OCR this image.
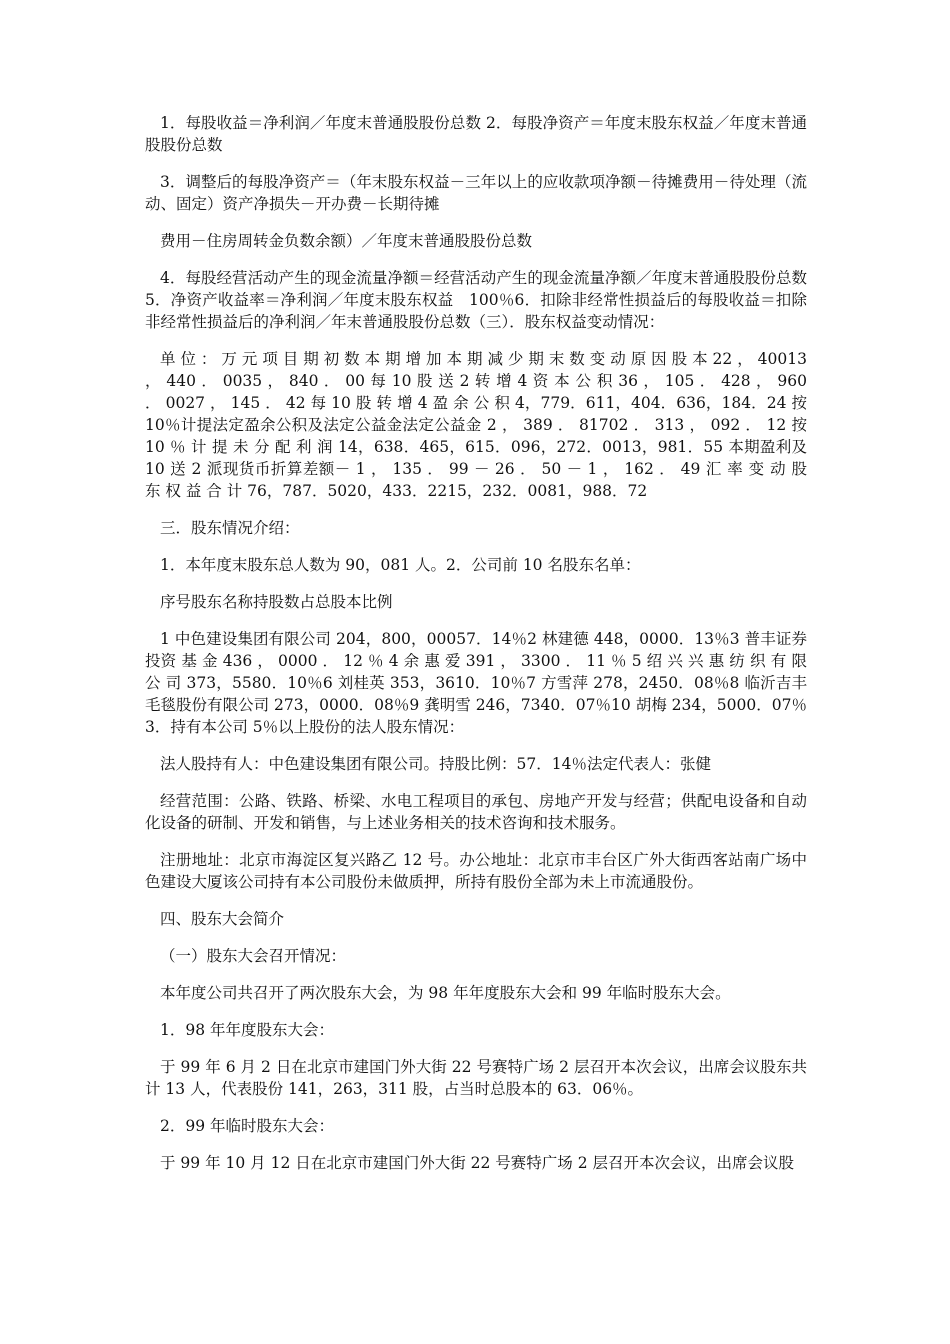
1．每股收益＝净利润／年度末普通股股份总数 2．每股净资产＝年度末股东权益／年度末普通股股份总数

3．调整后的每股净资产＝（年末股东权益－三年以上的应收款项净额－待摊费用－待处理（流动、固定）资产净损失－开办费－长期待摊

费用－住房周转金负数余额）／年度末普通股股份总数

4．每股经营活动产生的现金流量净额＝经营活动产生的现金流量净额／年度末普通股股份总数 5．净资产收益率＝净利润／年度末股东权益　100％6．扣除非经常性损益后的每股收益＝扣除非经常性损益后的净利润／年末普通股股份总数（三）．股东权益变动情况：

单 位 ： 万 元 项 目 期 初 数 本 期 增 加 本 期 减 少 期 末 数 变 动 原 因 股 本 22 ， 40013 ， 440 ． 0035 ， 840 ． 00 每 10 股 送 2 转 增 4 资 本 公 积 36 ， 105 ． 428 ， 960 ． 0027 ， 145 ． 42 每 10 股 转 增 4 盈 余 公 积 4，779．611，404．636，184．24 按 10％计提法定盈余公积及法定公益金法定公益金 2 ， 389 ． 81702 ． 313 ， 092 ． 12 按 10 ％ 计 提 未 分 配 利 润 14，638．465，615．096，272．0013，981．55 本期盈利及 10 送 2 派现货币折算差额－ 1 ， 135 ． 99 － 26 ． 50 － 1 ， 162 ． 49 汇 率 变 动 股 东 权 益 合 计 76，787．5020，433．2215，232．0081，988．72

三．股东情况介绍：

1．本年度末股东总人数为 90，081 人。2．公司前 10 名股东名单：

序号股东名称持股数占总股本比例

1 中色建设集团有限公司 204，800，00057．14％2 林建德 448，0000．13％3 普丰证券投资 基 金 436 ， 0000 ． 12 ％ 4 余 惠 爱 391 ， 3300 ． 11 ％ 5 绍 兴 兴 惠 纺 织 有 限 公 司 373，5580．10％6 刘桂英 353，3610．10％7 方雪萍 278，2450．08％8 临沂吉丰毛毯股份有限公司 273，0000．08％9 龚明雪 246，7340．07％10 胡梅 234，5000．07％3．持有本公司 5％以上股份的法人股东情况：

法人股持有人：中色建设集团有限公司。持股比例：57．14％法定代表人：张健

经营范围：公路、铁路、桥梁、水电工程项目的承包、房地产开发与经营；供配电设备和自动化设备的研制、开发和销售，与上述业务相关的技术咨询和技术服务。

注册地址：北京市海淀区复兴路乙 12 号。办公地址：北京市丰台区广外大街西客站南广场中色建设大厦该公司持有本公司股份未做质押，所持有股份全部为未上市流通股份。

四、股东大会简介

（一）股东大会召开情况：

本年度公司共召开了两次股东大会，为 98 年年度股东大会和 99 年临时股东大会。

1．98 年年度股东大会：

于 99 年 6 月 2 日在北京市建国门外大街 22 号赛特广场 2 层召开本次会议，出席会议股东共计 13 人，代表股份 141，263，311 股，占当时总股本的 63．06％。

2．99 年临时股东大会：

于 99 年 10 月 12 日在北京市建国门外大街 22 号赛特广场 2 层召开本次会议，出席会议股
